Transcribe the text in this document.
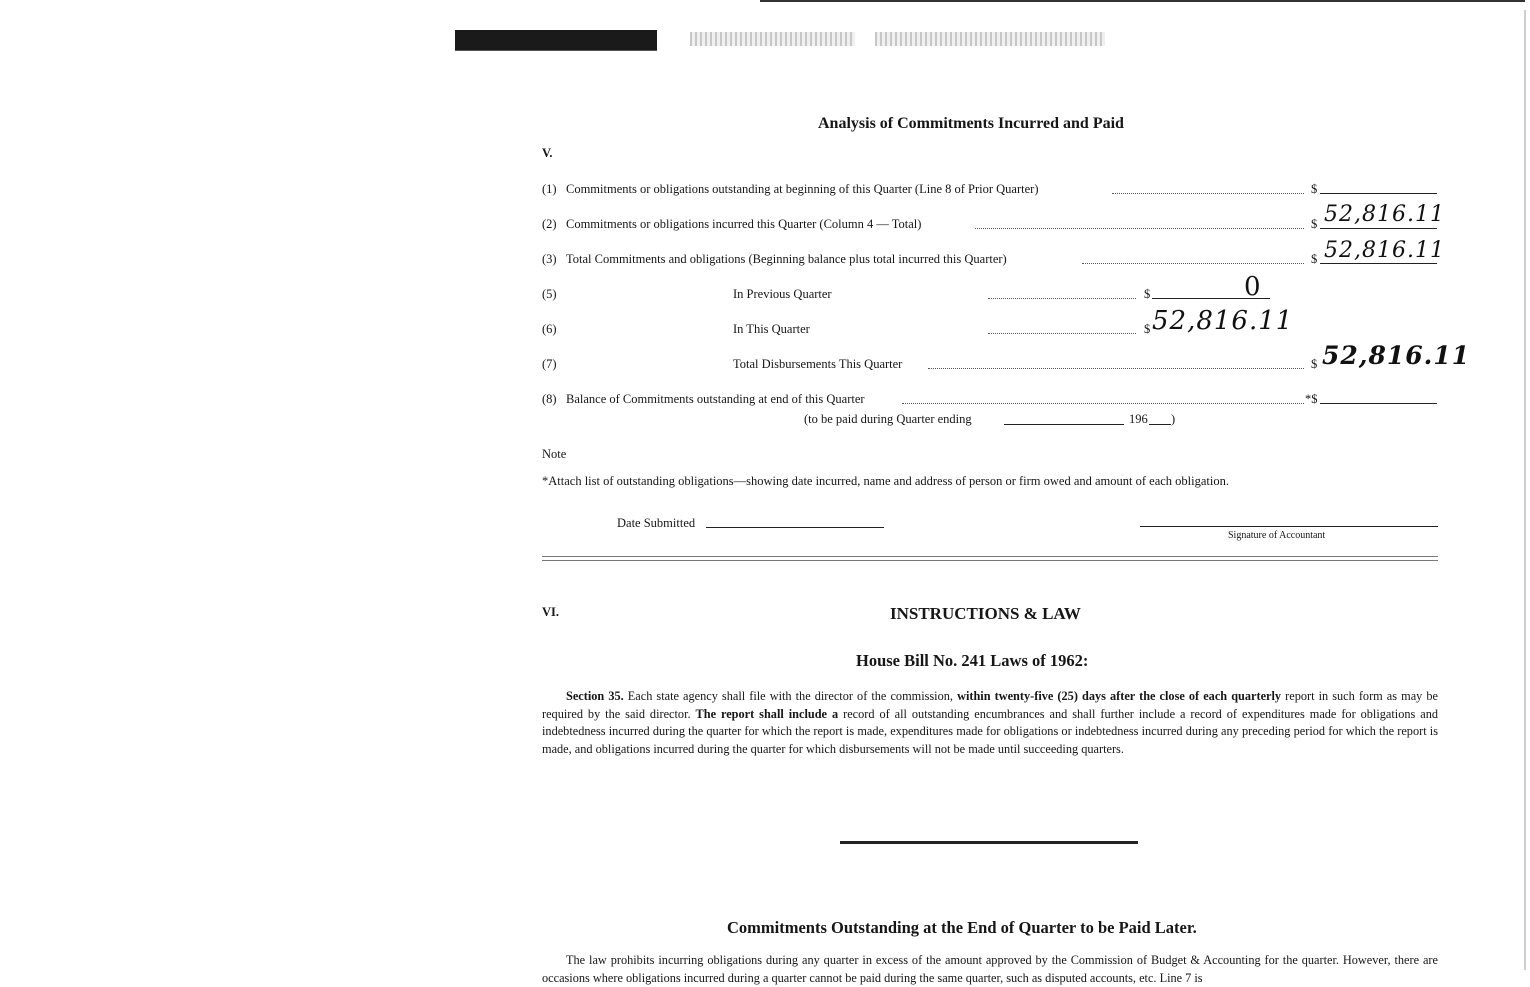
Analysis of Commitments Incurred and Paid
V.
(1) Commitments or obligations outstanding at beginning of this Quarter (Line 8 of Prior Quarter)	$
(2) Commitments or obligations incurred this Quarter (Column 4 — Total)	$ 52,816.11
(3) Total Commitments and obligations (Beginning balance plus total incurred this Quarter)	$ 52,816.11
(5)	In Previous Quarter	$	0
(6)	In This Quarter	$ 52,816.11
(7)	Total Disbursements This Quarter	$ 52,816.11
(8) Balance of Commitments outstanding at end of this Quarter	*$
(to be paid during Quarter ending	196 )
Note
*Attach list of outstanding obligations—showing date incurred, name and address of person or firm owed and amount of each obligation.
Date Submitted
Signature of Accountant
VI.	INSTRUCTIONS & LAW
House Bill No. 241 Laws of 1962:
Section 35. Each state agency shall file with the director of the commission, within twenty-five (25) days after the close of each quarterly report in such form as may be required by the said director. The report shall include a record of all outstanding encumbrances and shall further include a record of expenditures made for obligations and indebtedness incurred during the quarter for which the report is made, expenditures made for obligations or indebtedness incurred during any preceding period for which the report is made, and obligations incurred during the quarter for which disbursements will not be made until succeeding quarters.
Commitments Outstanding at the End of Quarter to be Paid Later.
The law prohibits incurring obligations during any quarter in excess of the amount approved by the Commission of Budget & Accounting for the quarter. However, there are occasions where obligations incurred during a quarter cannot be paid during the same quarter, such as disputed accounts, etc. Line 7 is
